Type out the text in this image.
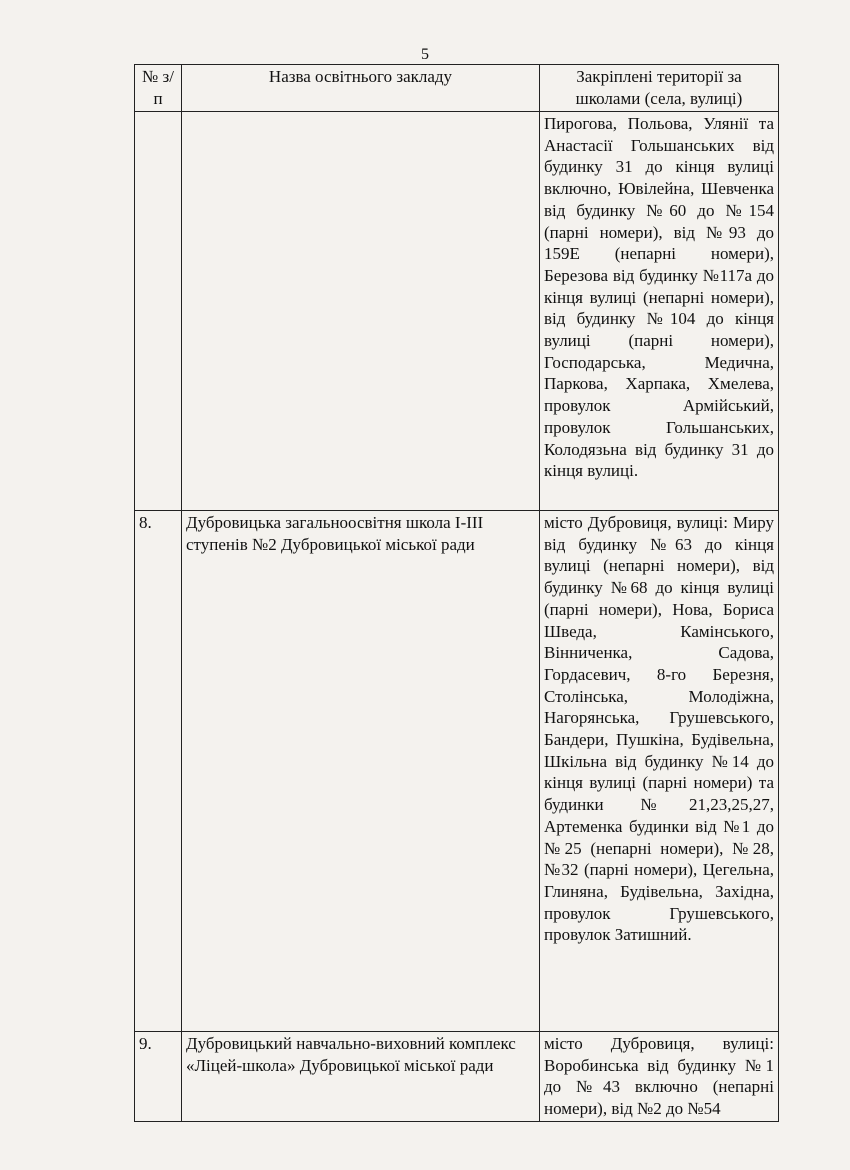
5
№ з/п	Назва освітнього закладу	Закріплені території за школами (села, вулиці)
		Пирогова, Польова, Улянії та Анастасії Гольшанських від будинку 31 до кінця вулиці включно, Ювілейна, Шевченка від будинку №60 до №154 (парні номери), від №93 до 159Е (непарні номери), Березова від будинку №117а до кінця вулиці (непарні номери), від будинку №104 до кінця вулиці (парні номери), Господарська, Медична, Паркова, Харпака, Хмелева, провулок Армійський, провулок Гольшанських, Колодязьна від будинку 31 до кінця вулиці.
8.	Дубровицька загальноосвітня школа І-ІІІ ступенів №2 Дубровицької міської ради	місто Дубровиця, вулиці: Миру від будинку №63 до кінця вулиці (непарні номери), від будинку №68 до кінця вулиці (парні номери), Нова, Бориса Шведа, Камінського, Вінниченка, Садова, Гордасевич, 8-го Березня, Столінська, Молодіжна, Нагорянська, Грушевського, Бандери, Пушкіна, Будівельна, Шкільна від будинку №14 до кінця вулиці (парні номери) та будинки №21,23,25,27, Артеменка будинки від №1 до №25 (непарні номери), №28, №32 (парні номери), Цегельна, Глиняна, Будівельна, Західна, провулок Грушевського, провулок Затишний.
9.	Дубровицький навчально-виховний комплекс «Ліцей-школа» Дубровицької міської ради	місто Дубровиця, вулиці: Воробинська від будинку №1 до №43 включно (непарні номери), від №2 до №54
